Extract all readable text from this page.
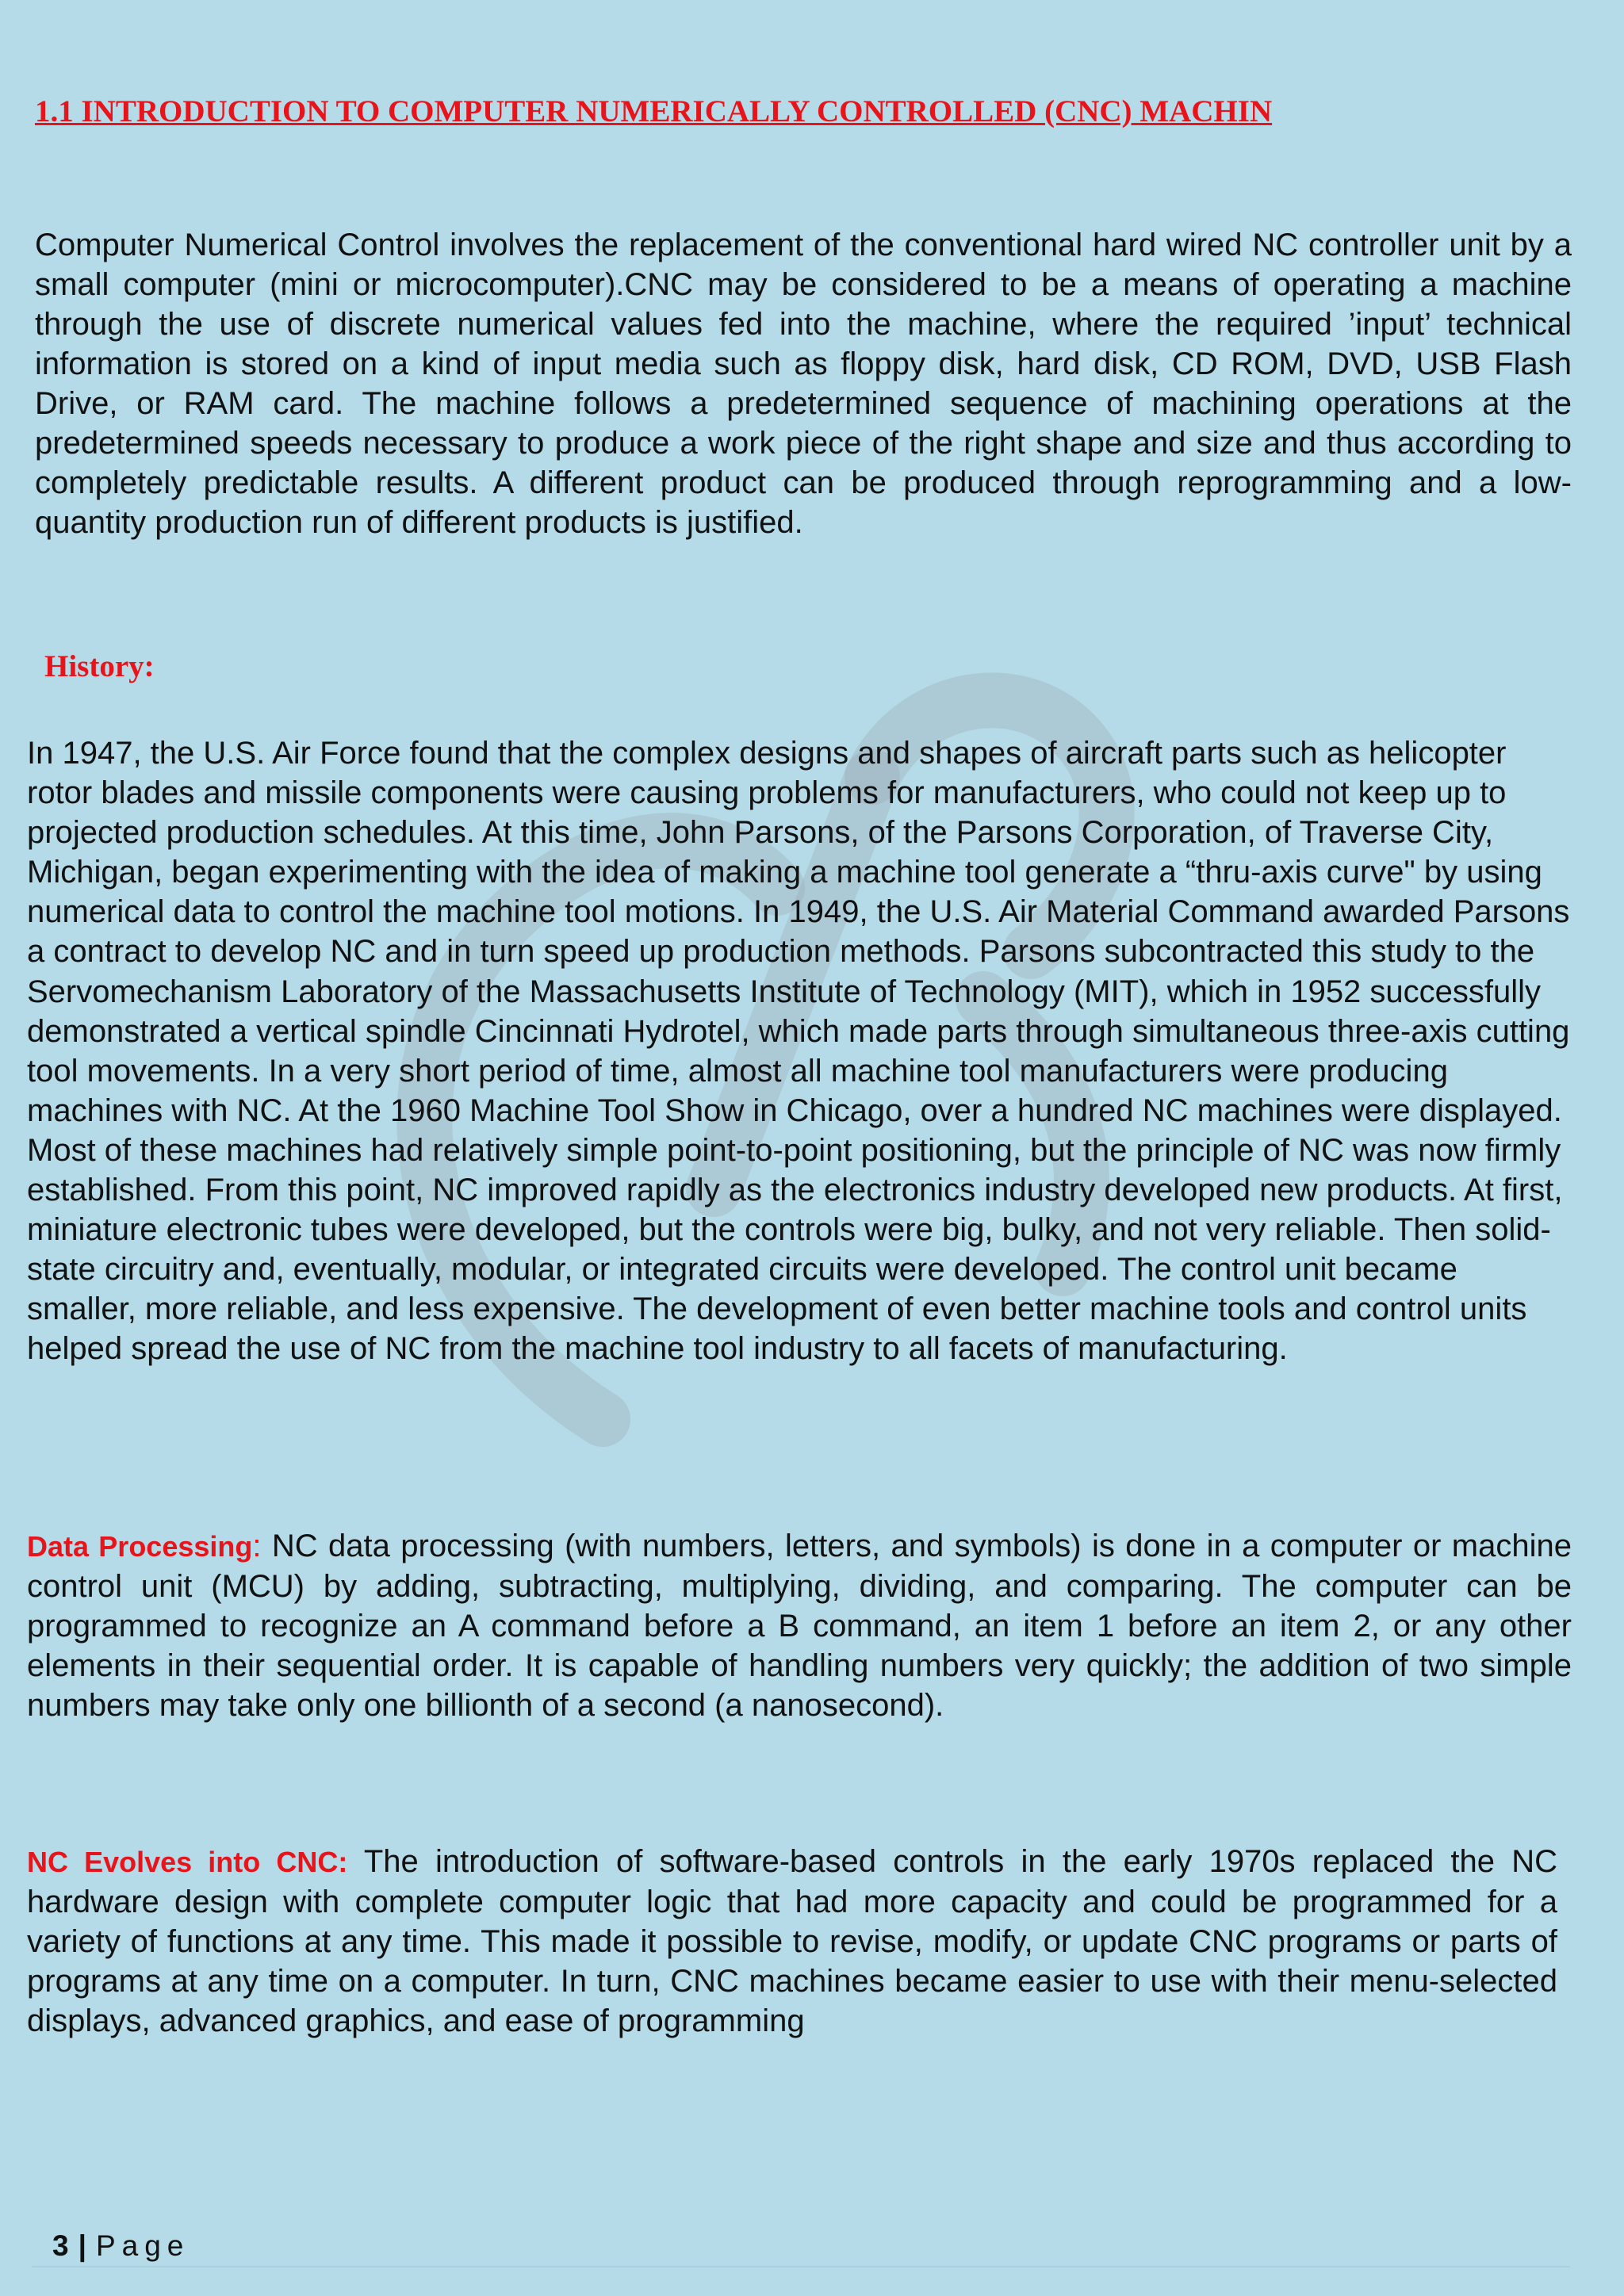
1.1 INTRODUCTION TO COMPUTER NUMERICALLY CONTROLLED (CNC) MACHIN

Computer Numerical Control involves the replacement of the conventional hard wired NC controller unit by a small computer (mini or microcomputer).CNC may be considered to be a means of operating a machine through the use of discrete numerical values fed into the machine, where the required ’input’ technical information is stored on a kind of input media such as floppy disk, hard disk, CD ROM, DVD, USB Flash Drive, or RAM card. The machine follows a predetermined sequence of machining operations at the predetermined speeds necessary to produce a work piece of the right shape and size and thus according to completely predictable results. A different product can be produced through reprogramming and a low-quantity production run of different products is justified.

History:

In 1947, the U.S. Air Force found that the complex designs and shapes of aircraft parts such as helicopter rotor blades and missile components were causing problems for manufacturers, who could not keep up to projected production schedules. At this time, John Parsons, of the Parsons Corporation, of Traverse City, Michigan, began experimenting with the idea of making a machine tool generate a “thru-axis curve" by using numerical data to control the machine tool motions. In 1949, the U.S. Air Material Command awarded Parsons a contract to develop NC and in turn speed up production methods. Parsons subcontracted this study to the Servomechanism Laboratory of the Massachusetts Institute of Technology (MIT), which in 1952 successfully demonstrated a vertical spindle Cincinnati Hydrotel, which made parts through simultaneous three-axis cutting tool movements. In a very short period of time, almost all machine tool manufacturers were producing machines with NC. At the 1960 Machine Tool Show in Chicago, over a hundred NC machines were displayed. Most of these machines had relatively simple point-to-point positioning, but the principle of NC was now firmly established. From this point, NC improved rapidly as the electronics industry developed new products. At first, miniature electronic tubes were developed, but the controls were big, bulky, and not very reliable. Then solid-state circuitry and, eventually, modular, or integrated circuits were developed. The control unit became smaller, more reliable, and less expensive. The development of even better machine tools and control units helped spread the use of NC from the machine tool industry to all facets of manufacturing.

Data Processing: NC data processing (with numbers, letters, and symbols) is done in a computer or machine control unit (MCU) by adding, subtracting, multiplying, dividing, and comparing. The computer can be programmed to recognize an A command before a B command, an item 1 before an item 2, or any other elements in their sequential order. It is capable of handling numbers very quickly; the addition of two simple numbers may take only one billionth of a second (a nanosecond).

NC Evolves into CNC: The introduction of software-based controls in the early 1970s replaced the NC hardware design with complete computer logic that had more capacity and could be programmed for a variety of functions at any time. This made it possible to revise, modify, or update CNC programs or parts of programs at any time on a computer. In turn, CNC machines became easier to use with their menu-selected displays, advanced graphics, and ease of programming

3 | Page
